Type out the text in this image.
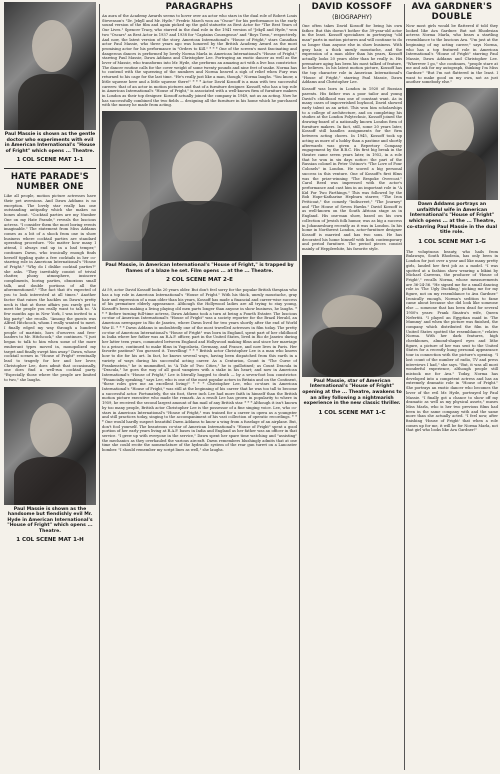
Paul Massie is shown as the gentle doctor who experiments with evil in American International's "House of Fright" which opens ... Theatre.
1 COL SCENE MAT 1-1
HATE PARADE'S NUMBER ONE

Like all people, motion picture actresses have their pet aversions. And Dawn Addams is no exception. The lovely star really has one outstanding antipathy which she makes no bones about. "Cocktail parties are my Number One on my Hate Parade," reveals the luscious actress. "I consider them the most boring events imaginable." The statement from Miss Addams comes as a bit of a shock from one in show business where cocktail parties are standard operating procedure. "No matter how many I attend, I always end up in a bad temper," continues Dawn, who ironically enough finds herself tippling quite a few cocktails in her co-starring role in American International's "House of Fright." "Why do I dislike cocktail parties?" she asks. "They inevitably consist of trivial chatter, phony atmosphere, insincere compliments, boring parties, obnoxious small talk, and double portions of all the aforementioned." "The fact that it's expected of you to look interested at all times." Another factor that raises the hackles on Dawn's pretty neck is that at these affairs you rarely get to meet the people you really want to talk to. "A few months ago in New York, I was invited to a big party," she recalls. "Among the guests was Alfred Hitchcock, whom I really wanted to meet. I finally edged my way through a hundred people of martinis, hors d'oeuvres and free-loaders to Mr. Hitchcock," she continues. "I just began to talk to him when some of the more exuberant types moved in, monopolized my target and finally swept him away." Dawn, whose cocktail scenes in "House of Fright" eventually lead to tragedy for her and her lover, Christopher Lee, does admit that occasionally, one does find a well-run cocktail party. "Especially those where the people are limited to two," she laughs.

Paul Massie is shown as the handsome but fiendishly evil Mr. Hyde in American International's "House of Fright" which opens ... Theatre.
1 COL SCENE MAT 1-H
PARAGRAPHS

An aura of the Academy Awards seems to hover over an actor who stars in the dual role of Robert Louis Stevenson's "Dr. Jekyll and Mr. Hyde." Fredric March won an "Oscar" for his performance in the early sound version of the film and again picked up the gold statuette as Best Actor for "The Best Years of Our Lives." Spencer Tracy, who starred in the dual role in the 1941 version of "Jekyll and Hyde," won two "Oscars" as Best Actor in 1937 and 1938 for "Captains Courageous" and "Boys Town," respectively. And now, the latest version of the story, American International's "House of Fright," stars Canadian actor Paul Massie, who three years ago was honored by the British Academy Award as the most promising actor for his performance in "Orders to Kill." * * * One of the screen's most fascinating and dangerous dances is performed by lovely Norma Marla in American International's "House of Fright," starring Paul Massie, Dawn Addams and Christopher Lee. Portraying an exotic dancer as well as the lover of Massie, who transforms into Mr. Hyde, she performs an amazing act with a live boa constrictor. The dancer routine calls for the cover weight of some twenty pounds and nine feet of snake. Norma has to contend with the squeezing of the numbers and Norma heaved a sigh of relief when Fury was returned to his cage for the last time. "He's really just like a man, though," Norma laughs. "You know, a little squeeze here and a little squeeze there!" * * * Actor David Kossoff is a man with two successful careers: that of an actor in motion pictures and that of a furniture designer. Kossoff, who has a top role in American International's "House of Fright," is associated with a well-known firm of furniture makers in London as their top designer. Kossoff actually joined the company in 1949, not as an acting. Now he has successfully combined the two fields — designing all the furniture in his home which he purchased with the money he made from acting.

Paul Massie, in American International's "House of Fright," is trapped by flames of a blaze he set. Film opens ... at the ... Theatre.
2 COL SCENE MAT 2-E

At 59, actor David Kossoff looks 20 years older. But don't feel sorry for the popular British thespian who has a top role in American International's "House of Fright." With his thick, unruly moustache, gray hair and expression of a man older than his years, Kossoff has made a financial and career-wise success of his premature elderly appearance. Although the Hollywood ladies are all trying to stay young, Kossoff's been making a living playing old men parts longer than anyone in show business, he laughs. * * * Before turning full-time actress, Dawn Addams took a turn at being a Fourth Estater. The luscious co-star of American International's "House of Fright" was a society reporter for the Brazil Herald, an American newspaper in Rio de Janeiro, where Dawn lived for two years shortly after the end of World War II. * * * Dawn Addams is undoubtedly one of the most travelled actresses in film today. The pretty co-star of American International's "House of Fright" was born in England, spent part of her childhood in India where her father was an R.A.F. officer, part in the United States, lived in Rio de Janeiro during her latter teen years, commuted between England and Hollywood making films and since her marriage to a prince, continued to make films in Yugoslavia, Germany, and France, and now lives in Paris. Her favorite pastime? You guessed it. Travelling! * * * British actor Christopher Lee is a man who knows how to die for his art. In fact, he knows several ways, having been dispatched from this earth in a variety of ways during his successful acting career. As a Centurion, Count in "The Curse of Frankenstein," he is mummified, in "A Tale of Two Cities," he is guillotined; as Count Dracula in "Dracula," he goes the way of all good vampires with a stake in his heart; and now in American International's "House of Fright," Lee is literally hugged to death — by a seven-foot boa constrictor. "Financially speaking," says Lee, who is one of the most popular actors in Britain and on the Continent, "these roles give me an excellent living!" * * * Christopher Lee, who co-stars in American International's "House of Fright," was still at the beginning of his career that he was too tall to become a successful actor. Fortunately, the six foot, three inch Lee had more faith in himself than the British motion picture executive who made the remark. As a result Lee has grown in popularity to where in 1959, he received the second largest amount of fan mail of any British star. * * * Although it isn't known by too many people, British actor Christopher Lee is the possessor of a fine singing voice. Lee, who co-stars in American International's "House of Fright," was trained for a career in opera as a youngster and still practices today, singing to the accompaniment of his vast collection of operatic recordings. * * * One would hardly suspect beautiful Dawn Addams to know a wing from a fuselage of an airplane. But, don't fool yourself. The beauteous co-star of American International's "House of Fright" spent a good portion of her early years living at R.A.F. bases in India and England as her father was an officer in that service. "I grew up with everyone in the service," Dawn spent her spare time watching and "assisting" the mechanics as they overhauled the various aircraft. Dawn remembers blushingly admits that at one time she could recite the nomenclature of the hydraulic system of the rear gun turret on a Lancaster bomber. "I should remember my script lines as well," she laughs.

DAVID KOSSOFF
(BIOGRAPHY)

One often takes David Kossoff for being his own father. But this doesn't bother the 39-year-old actor in the least. Kossoff specializes in portraying "old man" parts in motion pictures and will continue to do so longer than anyone else in show business. With gray hair, a thick unruly moustache, and the expression of a man older than his years, Kossoff actually looks 20 years older than he really is. His premature aging has been his most talked of feature, he believes. In his latest motion picture, Kossoff has the top character role in American International's "House of Fright," starring Paul Massie, Dawn Addams and Christopher Lee.

Kossoff was born in London in 1920 of Russian parents. His father was a poor tailor and young David's childhood was one of constant want. As in many cases of impoverished boyhood, David showed early talent as an artist. This won him scholarships to a college of architecture, and on completing his studies at the London Polytechnic, Kossoff joined the drawing-board of a nationally known London firm of furniture makers. In fact, still, some 20 years later, Kossoff still handles assignments for the firm between acting chores. In 1945, Kossoff took up acting as more of a hobby than a pastime and shortly afterwards was given a Repertory Company engagement by the B.B.C. His first big break in the theatre came seven years later, in 1952, in a role that he won in six days notice: the part of the Russian colonel in Peter Ustinov's "The Love of Four Colonels" in London. He scored a big personal success in this venture. One of Kossoff's first films was the prize-winning "The Bespoke Overcoat." Carol Reed was impressed with the actor's performance and cast him in an important role in "A Kid For Two Farthings." This was followed by the Bob Hope-Katharine Hepburn starrer, "The Iron Petticoat," the comedy "Indiscreet," "The Journey" and "The House of Seven Hawks." David Kossoff is as well-known on the South African stage as in England. His one-man show, based on his own collection of Jewish folk humor, was as big a success in Johannesburg recently as it was in London. In his home in Northwest London, actor-furniture designer Kossoff is married and has two sons. He has decorated his home himself with both contemporary and period furniture. The period pieces consist mainly of Hepplewhite, his favorite style.

Paul Massie, star of American International's "House of Fright" opening at the ... Theatre, awakens to an alley following a nightmarish experience in the new classic thriller.
1 COL SCENE MAT 1-C
AVA GARDNER'S DOUBLE

Now most girls would be flattered if told they looked like Ava Gardner. But not Rhodesian actress Norma Marla, who bears a startling resemblance to the luscious Ava. "I'm just at the beginning of my acting career," says Norma, who has a top featured role in American International's "House of Fright" starring Paul Massie, Dawn Addams and Christopher Lee. "Wherever I go," she continues, "people stare at me and ask for my autograph, thinking I'm Miss Gardner." "But I'm not flattered in the least. I want to make good on my own, not as just another somebody else."

Dawn Addams portrays an unfaithful wife in American International's "House of Fright" which opens ... at the ... Theatre, co-starring Paul Massie in the dual title role.
1 COL SCENE MAT 1-G

The voluptuous beauty, who hails from Bulawayo, South Rhodesia, has only been in London for just over a year and like many pretty girls, landed her first job as a model. "I was spotted at a fashion show wearing a bikini by Michael Carreras, the producer of 'House of Fright'," recalls Norma, whose measurements are 36-24-36. "He signed me for a small dancing role in 'The Ugly Duckling,' picking me for my figure, not on my resemblance to Ava Gardner." Ironically enough, Norma's sedition to fame came about because she did look like someone else — someone that has been dead for several 1950's years: Frank Sinatra's wife, Queen Nefertiti. "I played an Egyptian maid in 'The Mummy' and when the picture was finished, the company which distributed the film in the United States spotted the resemblance," relates Norma. With her dark features, high cheekbones, almond-shaped eyes and lithe figure, a picture of her was sent to the United States for a recently hung personal appearance tour in connection with the picture's opening. "I lost count of the number of radio, TV and press interviews I had," she says. "But, it was all most wonderful experience, although people still mistook me for Ava." Today, Norma has developed into a competent actress and has an extremely dramatic role in "House of Fright." She portrays an exotic dancer who becomes the lover of the evil Mr. Hyde, portrayed by Paul Massie. "I finally got a chance to show off my dramatic as well as my physical assets," muses Miss Marla, who is her two previous films had been in the same company with and the same more than she actually acted. "I feel now, after finishing 'House of Fright' that when a role comes up for me, it will be for Norma Marla, not that girl who looks like Ava Gardner!"
